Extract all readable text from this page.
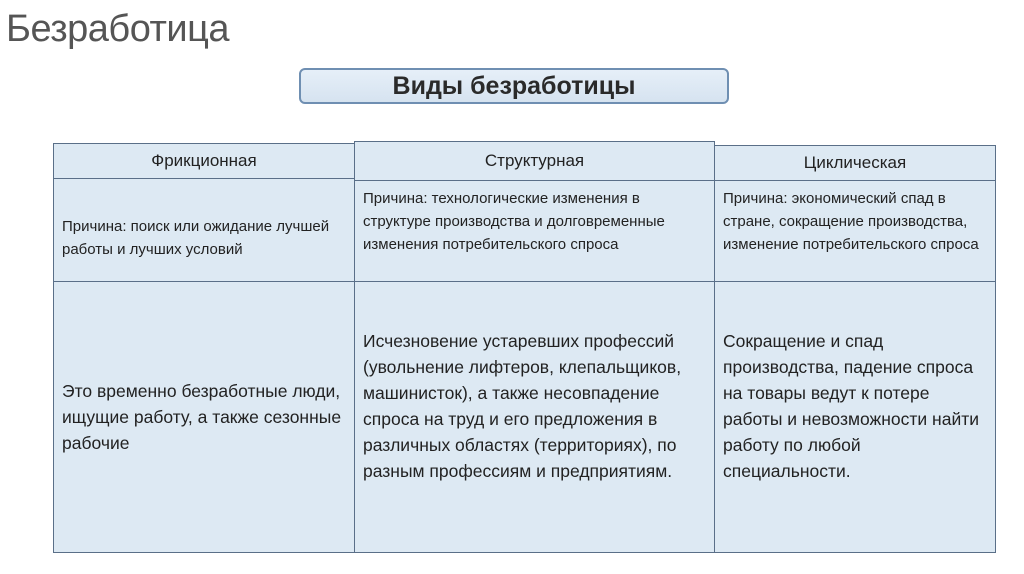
Безработица
Виды безработицы
Фрикционная
Причина: поиск или ожидание лучшей работы и лучших условий
Это временно безработные люди, ищущие работу, а также сезонные рабочие
Структурная
Причина: технологические изменения в структуре производства и долговременные изменения потребительского спроса
Исчезновение устаревших профессий (увольнение лифтеров, клепальщиков, машинисток), а также несовпадение спроса на труд и его предложения в различных областях (территориях), по разным профессиям и предприятиям.
Циклическая
Причина: экономический спад в стране, сокращение производства, изменение потребительского спроса
Сокращение и спад производства, падение спроса на товары ведут к потере работы и невозможности найти работу по любой специальности.
